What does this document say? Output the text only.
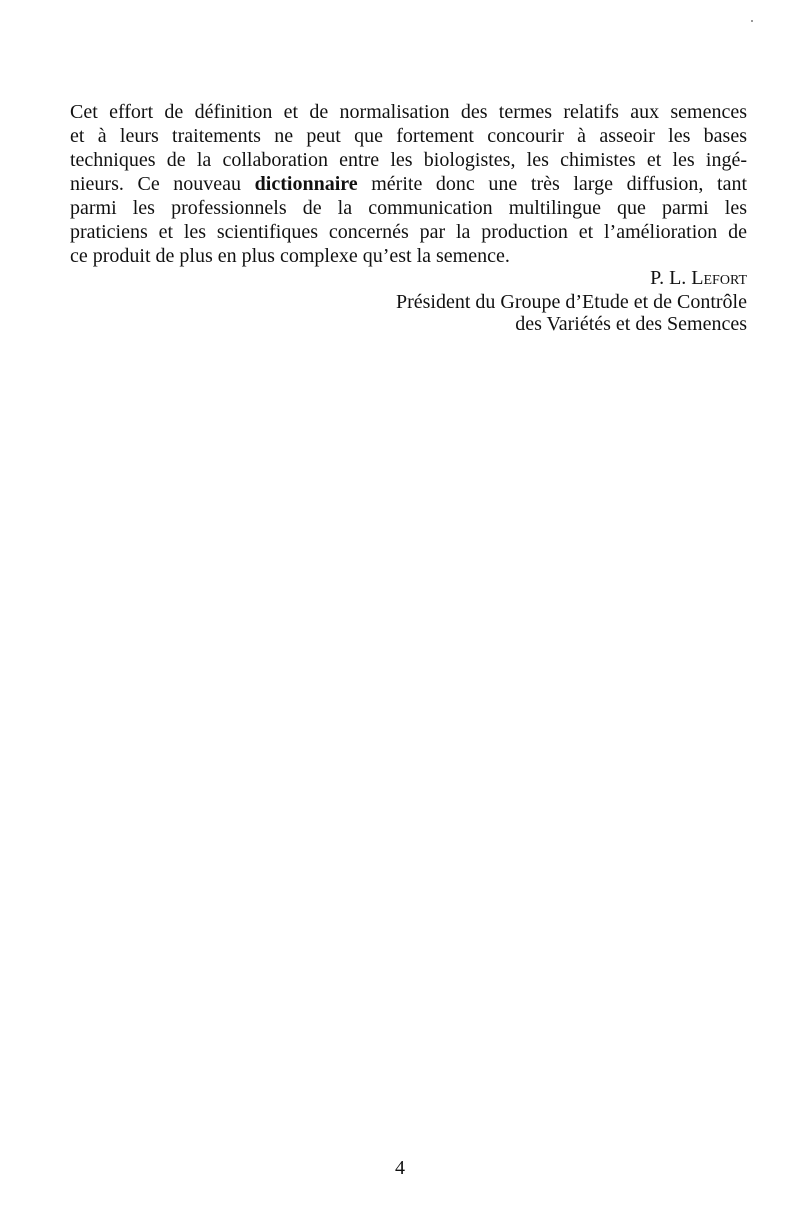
Cet effort de définition et de normalisation des termes relatifs aux semences
et à leurs traitements ne peut que fortement concourir à asseoir les bases
techniques de la collaboration entre les biologistes, les chimistes et les ingé-
nieurs. Ce nouveau dictionnaire mérite donc une très large diffusion, tant
parmi les professionnels de la communication multilingue que parmi les
praticiens et les scientifiques concernés par la production et l’amélioration de
ce produit de plus en plus complexe qu’est la semence.
P. L. Lefort
Président du Groupe d’Etude et de Contrôle
des Variétés et des Semences
4
